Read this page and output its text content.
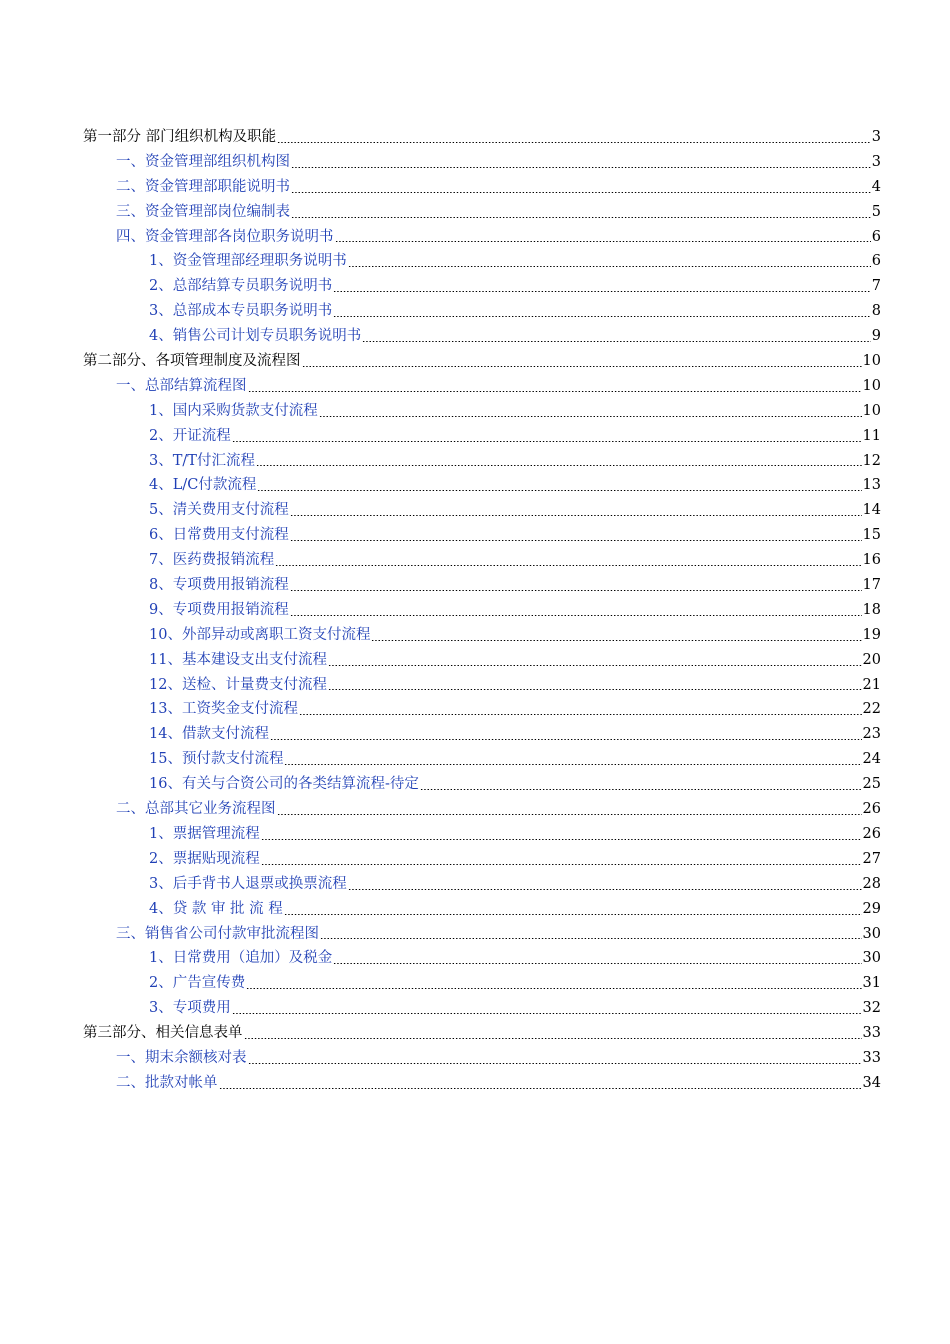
第一部分 部门组织机构及职能	3
一、资金管理部组织机构图	3
二、资金管理部职能说明书	4
三、资金管理部岗位编制表	5
四、资金管理部各岗位职务说明书	6
1、资金管理部经理职务说明书	6
2、总部结算专员职务说明书	7
3、总部成本专员职务说明书	8
4、销售公司计划专员职务说明书	9
第二部分、各项管理制度及流程图	10
一、总部结算流程图	10
1、国内采购货款支付流程	10
2、开证流程	11
3、T/T付汇流程	12
4、L/C付款流程	13
5、清关费用支付流程	14
6、日常费用支付流程	15
7、医药费报销流程	16
8、专项费用报销流程	17
9、专项费用报销流程	18
10、外部异动或离职工资支付流程	19
11、基本建设支出支付流程	20
12、送检、计量费支付流程	21
13、工资奖金支付流程	22
14、借款支付流程	23
15、预付款支付流程	24
16、有关与合资公司的各类结算流程-待定	25
二、总部其它业务流程图	26
1、票据管理流程	26
2、票据贴现流程	27
3、后手背书人退票或换票流程	28
4、贷 款 审 批 流 程	29
三、销售省公司付款审批流程图	30
1、日常费用（追加）及税金	30
2、广告宣传费	31
3、专项费用	32
第三部分、相关信息表单	33
一、期末余额核对表	33
二、批款对帐单	34
